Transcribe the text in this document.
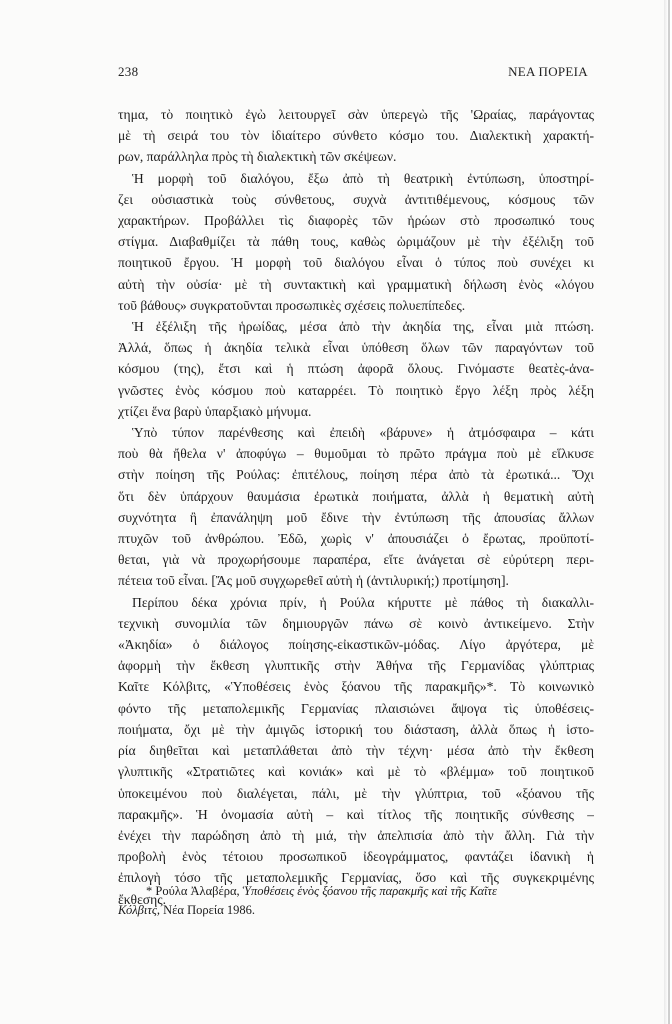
238	ΝΕΑ ΠΟΡΕΙΑ

τημα, τὸ ποιητικὸ ἐγὼ λειτουργεῖ σὰν ὑπερεγὼ τῆς 'Ωραίας, παράγοντας
μὲ τὴ σειρά του τὸν ἰδιαίτερο σύνθετο κόσμο του. Διαλεκτικὴ χαρακτή-
ρων, παράλληλα πρὸς τὴ διαλεκτικὴ τῶν σκέψεων.

Ἡ μορφὴ τοῦ διαλόγου, ἔξω ἀπὸ τὴ θεατρικὴ ἐντύπωση, ὑποστηρί-
ζει οὐσιαστικὰ τοὺς σύνθετους, συχνὰ ἀντιτιθέμενους, κόσμους τῶν
χαρακτήρων. Προβάλλει τὶς διαφορὲς τῶν ἡρώων στὸ προσωπικό τους
στίγμα. Διαβαθμίζει τὰ πάθη τους, καθὼς ὡριμάζουν μὲ τὴν ἐξέλιξη τοῦ
ποιητικοῦ ἔργου. Ἡ μορφὴ τοῦ διαλόγου εἶναι ὁ τύπος ποὺ συνέχει κι
αὐτὴ τὴν οὐσία· μὲ τὴ συντακτικὴ καὶ γραμματικὴ δήλωση ἑνὸς «λόγου
τοῦ βάθους» συγκρατοῦνται προσωπικὲς σχέσεις πολυεπίπεδες.

Ἡ ἐξέλιξη τῆς ἡρωίδας, μέσα ἀπὸ τὴν ἀκηδία της, εἶναι μιὰ πτώση.
Ἀλλά, ὅπως ἡ ἀκηδία τελικὰ εἶναι ὑπόθεση ὅλων τῶν παραγόντων τοῦ
κόσμου (της), ἔτσι καὶ ἡ πτώση ἀφορᾶ ὅλους. Γινόμαστε θεατὲς-ἀνα-
γνῶστες ἑνὸς κόσμου ποὺ καταρρέει. Τὸ ποιητικὸ ἔργο λέξη πρὸς λέξη
χτίζει ἕνα βαρὺ ὑπαρξιακὸ μήνυμα.

Ὑπὸ τύπον παρένθεσης καὶ ἐπειδὴ «βάρυνε» ἡ ἀτμόσφαιρα – κάτι
ποὺ θὰ ἤθελα ν' ἀποφύγω – θυμοῦμαι τὸ πρῶτο πράγμα ποὺ μὲ εἵλκυσε
στὴν ποίηση τῆς Ρούλας: ἐπιτέλους, ποίηση πέρα ἀπὸ τὰ ἐρωτικά... Ὄχι
ὅτι δὲν ὑπάρχουν θαυμάσια ἐρωτικὰ ποιήματα, ἀλλὰ ἡ θεματικὴ αὐτὴ
συχνότητα ἢ ἐπανάληψη μοῦ ἔδινε τὴν ἐντύπωση τῆς ἀπουσίας ἄλλων
πτυχῶν τοῦ ἀνθρώπου. Ἐδῶ, χωρὶς ν' ἀπουσιάζει ὁ ἔρωτας, προϋποτί-
θεται, γιὰ νὰ προχωρήσουμε παραπέρα, εἴτε ἀνάγεται σὲ εὐρύτερη περι-
πέτεια τοῦ εἶναι. [Ἄς μοῦ συγχωρεθεῖ αὐτὴ ἡ (ἀντιλυρική;) προτίμηση].

Περίπου δέκα χρόνια πρίν, ἡ Ρούλα κήρυττε μὲ πάθος τὴ διακαλλι-
τεχνικὴ συνομιλία τῶν δημιουργῶν πάνω σὲ κοινὸ ἀντικείμενο. Στὴν
«Ἀκηδία» ὁ διάλογος ποίησης-εἰκαστικῶν-μόδας. Λίγο ἀργότερα, μὲ
ἀφορμὴ τὴν ἔκθεση γλυπτικῆς στὴν Ἀθήνα τῆς Γερμανίδας γλύπτριας
Καῖτε Κόλβιτς, «Ὑποθέσεις ἑνὸς ξόανου τῆς παρακμῆς»*. Τὸ κοινωνικὸ
φόντο τῆς μεταπολεμικῆς Γερμανίας πλαισιώνει ἄψογα τὶς ὑποθέσεις-
ποιήματα, ὄχι μὲ τὴν ἀμιγῶς ἱστορική του διάσταση, ἀλλὰ ὅπως ἡ ἱστο-
ρία διηθεῖται καὶ μεταπλάθεται ἀπὸ τὴν τέχνη· μέσα ἀπὸ τὴν ἔκθεση
γλυπτικῆς «Στρατιῶτες καὶ κονιάκ» καὶ μὲ τὸ «βλέμμα» τοῦ ποιητικοῦ
ὑποκειμένου ποὺ διαλέγεται, πάλι, μὲ τὴν γλύπτρια, τοῦ «ξόανου τῆς
παρακμῆς». Ἡ ὀνομασία αὐτὴ – καὶ τίτλος τῆς ποιητικῆς σύνθεσης –
ἐνέχει τὴν παρώδηση ἀπὸ τὴ μιά, τὴν ἀπελπισία ἀπὸ τὴν ἄλλη. Γιὰ τὴν
προβολὴ ἑνὸς τέτοιου προσωπικοῦ ἰδεογράμματος, φαντάζει ἰδανικὴ ἡ
ἐπιλογὴ τόσο τῆς μεταπολεμικῆς Γερμανίας, ὅσο καὶ τῆς συγκεκριμένης
ἔκθεσης.

* Ρούλα Ἀλαβέρα, Ὑποθέσεις ἑνὸς ξόανου τῆς παρακμῆς καὶ τῆς Καῖτε
Κόλβιτς, Νέα Πορεία 1986.
